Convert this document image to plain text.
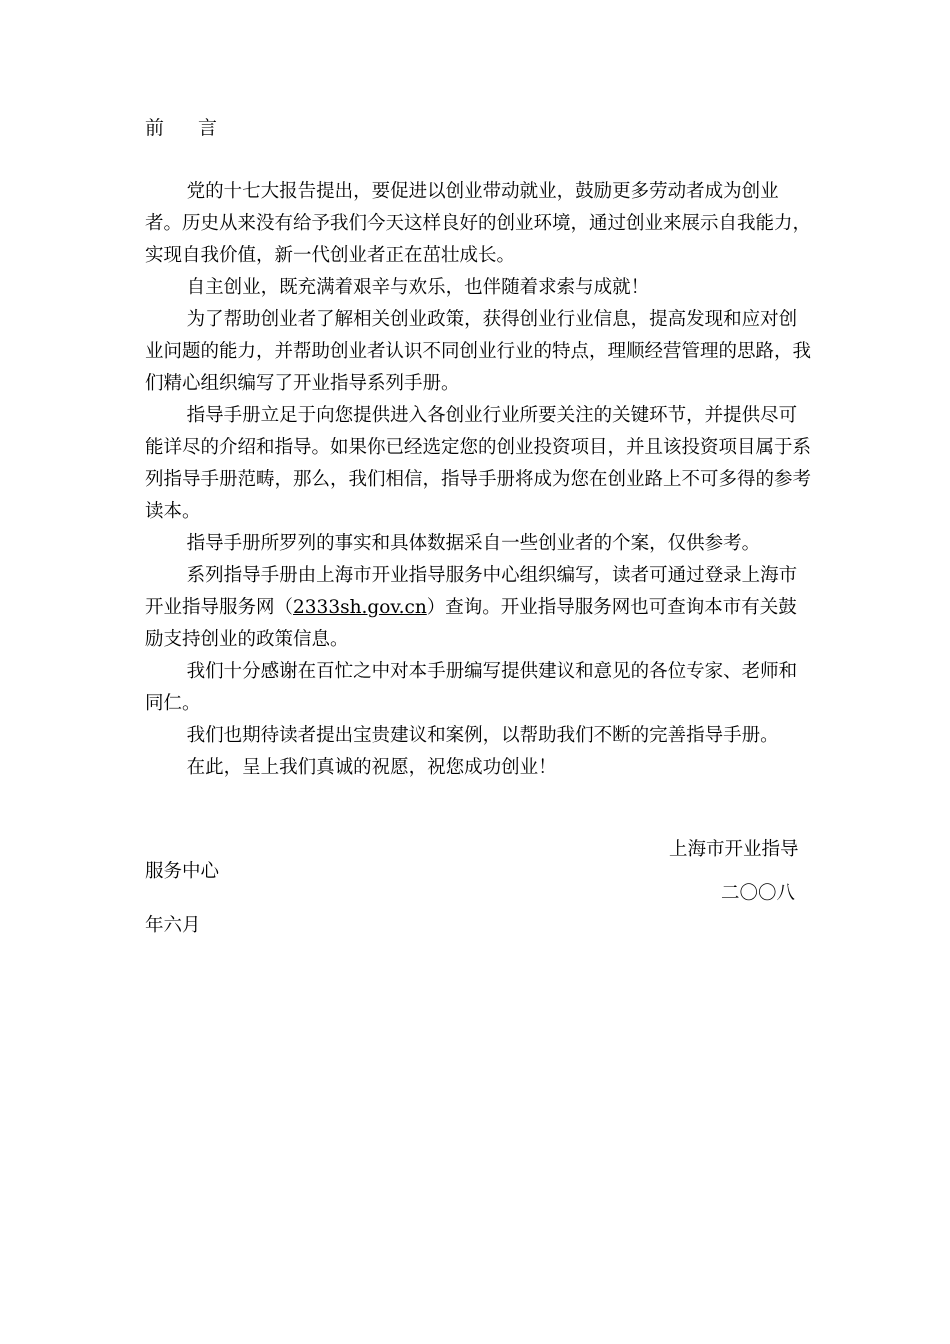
前 言

党的十七大报告提出，要促进以创业带动就业，鼓励更多劳动者成为创业者。历史从来没有给予我们今天这样良好的创业环境，通过创业来展示自我能力，实现自我价值，新一代创业者正在茁壮成长。

自主创业，既充满着艰辛与欢乐，也伴随着求索与成就！

为了帮助创业者了解相关创业政策，获得创业行业信息，提高发现和应对创业问题的能力，并帮助创业者认识不同创业行业的特点，理顺经营管理的思路，我们精心组织编写了开业指导系列手册。

指导手册立足于向您提供进入各创业行业所要关注的关键环节，并提供尽可能详尽的介绍和指导。如果你已经选定您的创业投资项目，并且该投资项目属于系列指导手册范畴，那么，我们相信，指导手册将成为您在创业路上不可多得的参考读本。

指导手册所罗列的事实和具体数据采自一些创业者的个案，仅供参考。

系列指导手册由上海市开业指导服务中心组织编写，读者可通过登录上海市开业指导服务网（2333sh.gov.cn）查询。开业指导服务网也可查询本市有关鼓励支持创业的政策信息。

我们十分感谢在百忙之中对本手册编写提供建议和意见的各位专家、老师和同仁。

我们也期待读者提出宝贵建议和案例，以帮助我们不断的完善指导手册。

在此，呈上我们真诚的祝愿，祝您成功创业！

上海市开业指导
服务中心
二〇〇八
年六月
